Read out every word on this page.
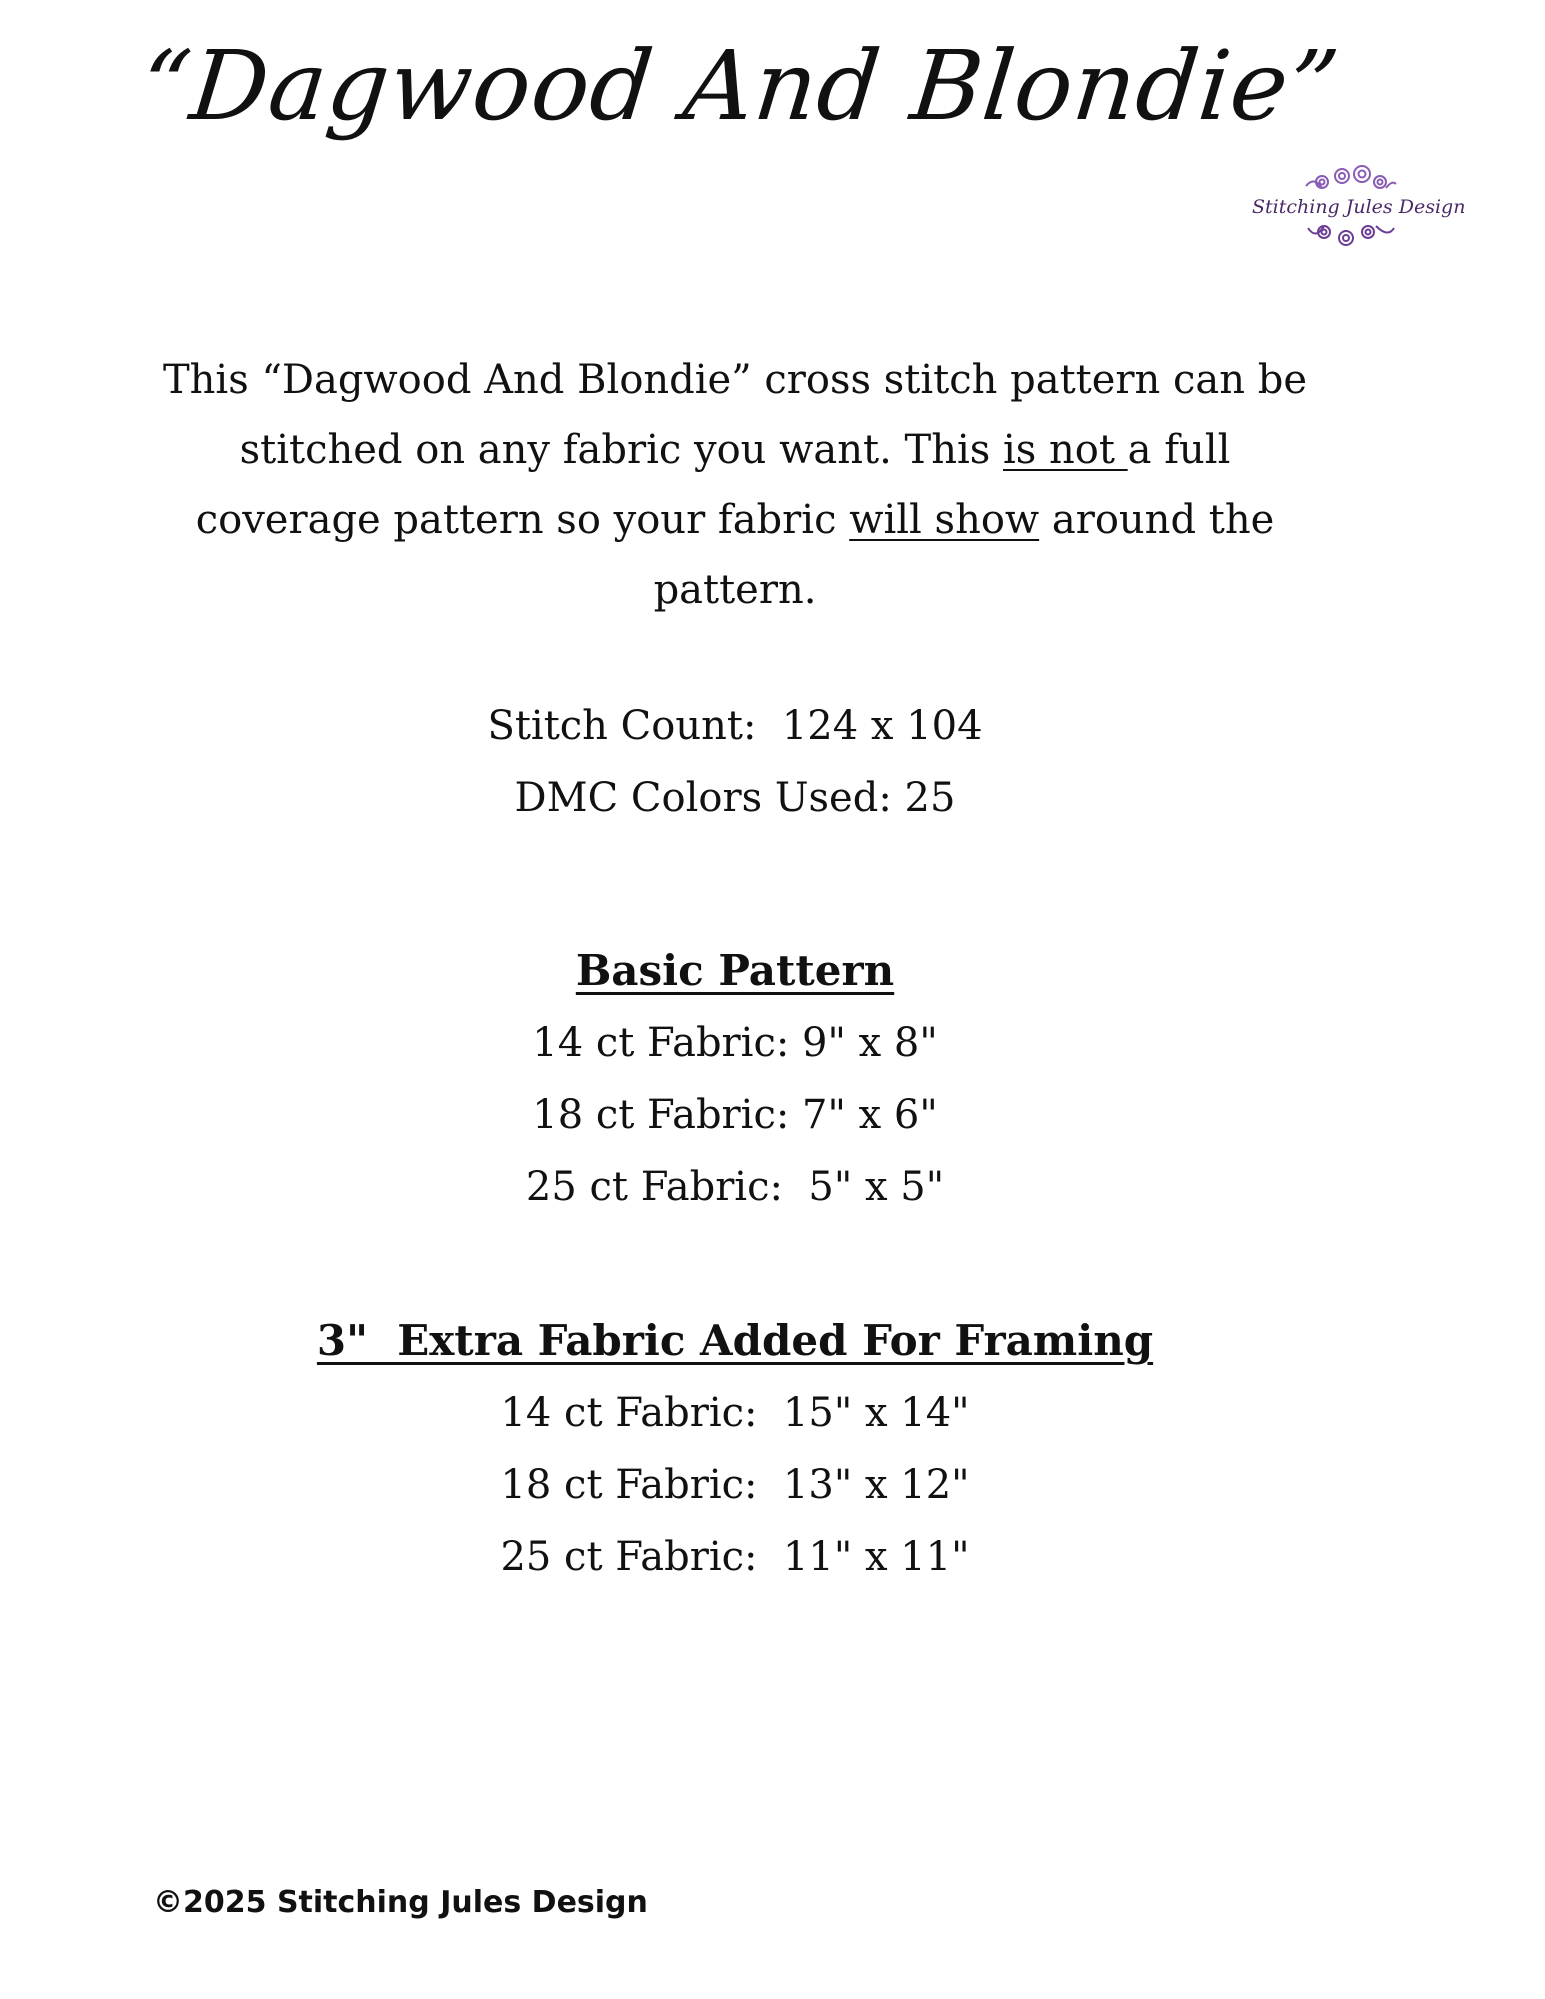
“Dagwood And Blondie”
Stitching Jules Design

This “Dagwood And Blondie” cross stitch pattern can be stitched on any fabric you want. This is not a full coverage pattern so your fabric will show around the pattern.

Stitch Count:  124 x 104

DMC Colors Used: 25

Basic Pattern

14 ct Fabric: 9" x 8"

18 ct Fabric: 7" x 6"

25 ct Fabric:  5" x 5"

3"  Extra Fabric Added For Framing

14 ct Fabric:  15" x 14"

18 ct Fabric:  13" x 12"

25 ct Fabric:  11" x 11"

©2025 Stitching Jules Design
